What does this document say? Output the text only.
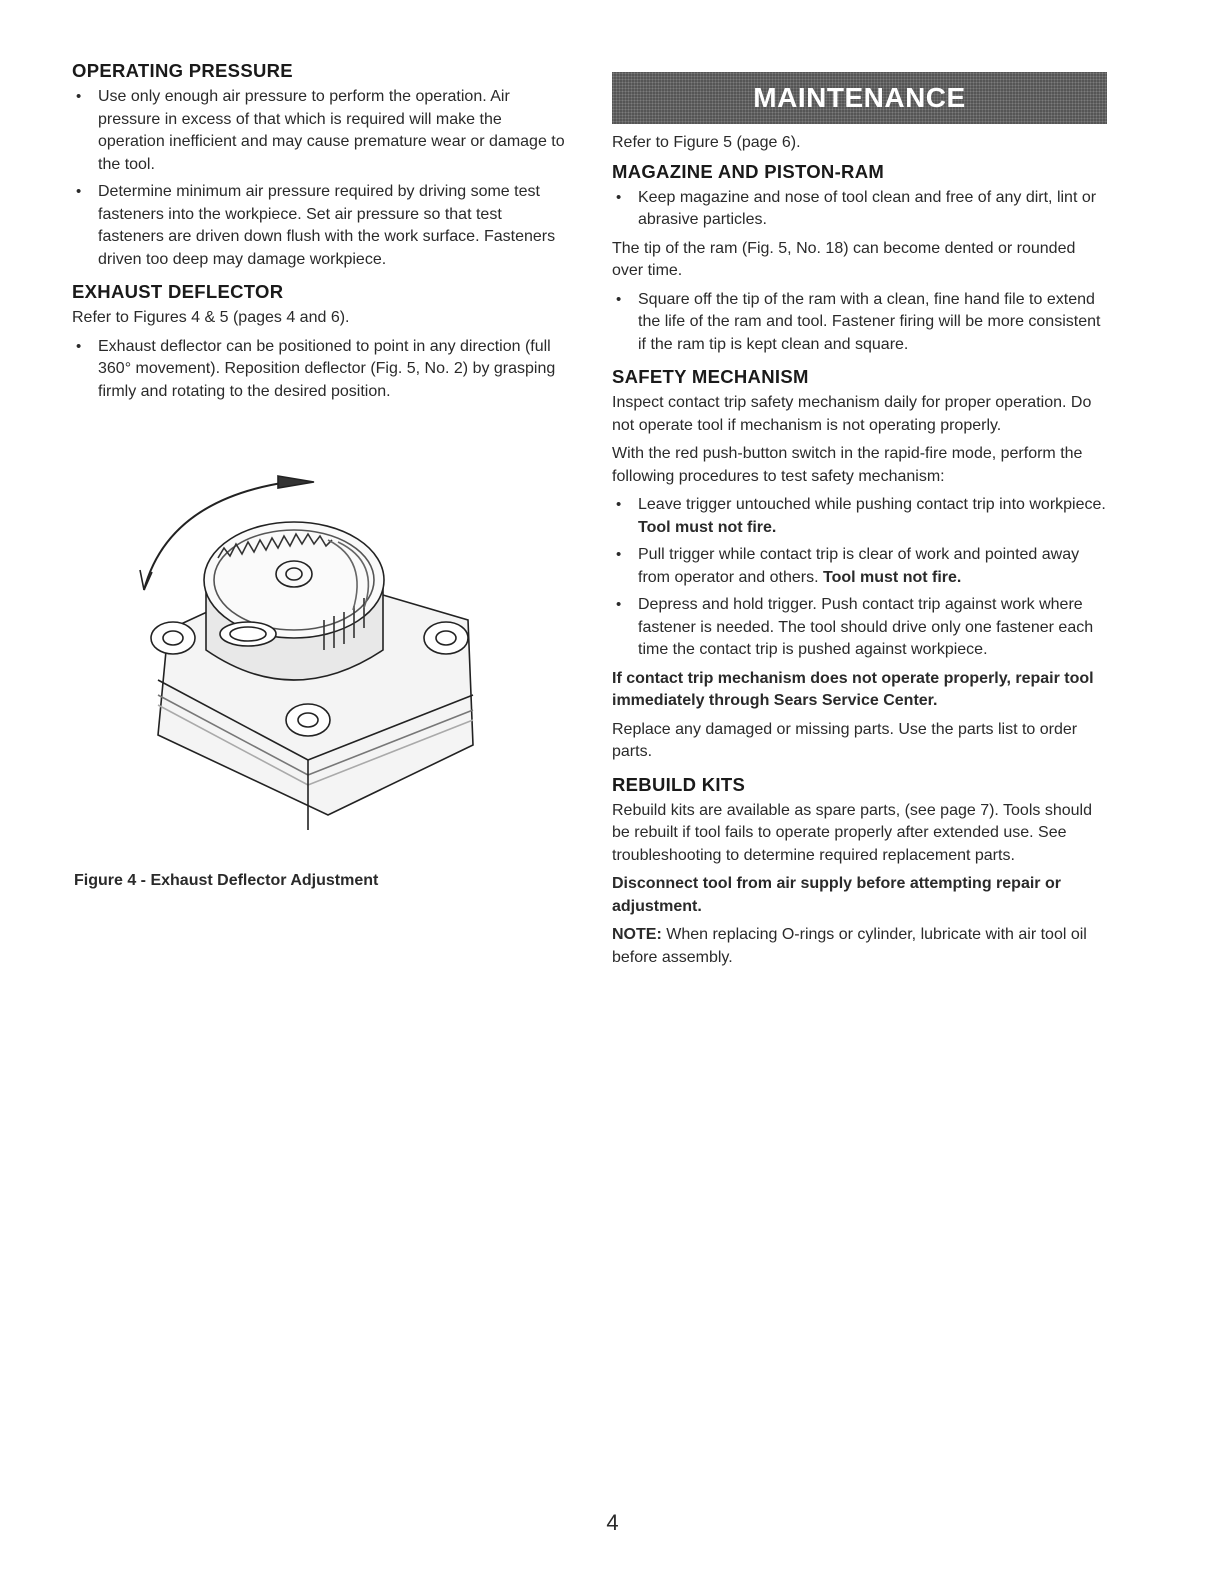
OPERATING PRESSURE
• Use only enough air pressure to perform the operation. Air pressure in excess of that which is required will make the operation inefficient and may cause premature wear or damage to the tool.
• Determine minimum air pressure required by driving some test fasteners into the workpiece. Set air pressure so that test fasteners are driven down flush with the work surface. Fasteners driven too deep may damage workpiece.
EXHAUST DEFLECTOR

Refer to Figures 4 & 5 (pages 4 and 6).

• Exhaust deflector can be positioned to point in any direction (full 360° movement). Reposition deflector (Fig. 5, No. 2) by grasping firmly and rotating to the desired position.
Figure 4 - Exhaust Deflector Adjustment
MAINTENANCE

Refer to Figure 5 (page 6).

MAGAZINE AND PISTON-RAM
• Keep magazine and nose of tool clean and free of any dirt, lint or abrasive particles.

The tip of the ram (Fig. 5, No. 18) can become dented or rounded over time.

• Square off the tip of the ram with a clean, fine hand file to extend the life of the ram and tool. Fastener firing will be more consistent if the ram tip is kept clean and square.
SAFETY MECHANISM

Inspect contact trip safety mechanism daily for proper operation. Do not operate tool if mechanism is not operating properly.

With the red push-button switch in the rapid-fire mode, perform the following procedures to test safety mechanism:

• Leave trigger untouched while pushing contact trip into workpiece. Tool must not fire.
• Pull trigger while contact trip is clear of work and pointed away from operator and others. Tool must not fire.
• Depress and hold trigger. Push contact trip against work where fastener is needed. The tool should drive only one fastener each time the contact trip is pushed against workpiece.

If contact trip mechanism does not operate properly, repair tool immediately through Sears Service Center.

Replace any damaged or missing parts. Use the parts list to order parts.

REBUILD KITS

Rebuild kits are available as spare parts, (see page 7). Tools should be rebuilt if tool fails to operate properly after extended use. See troubleshooting to determine required replacement parts.

Disconnect tool from air supply before attempting repair or adjustment.

NOTE: When replacing O-rings or cylinder, lubricate with air tool oil before assembly.

4
